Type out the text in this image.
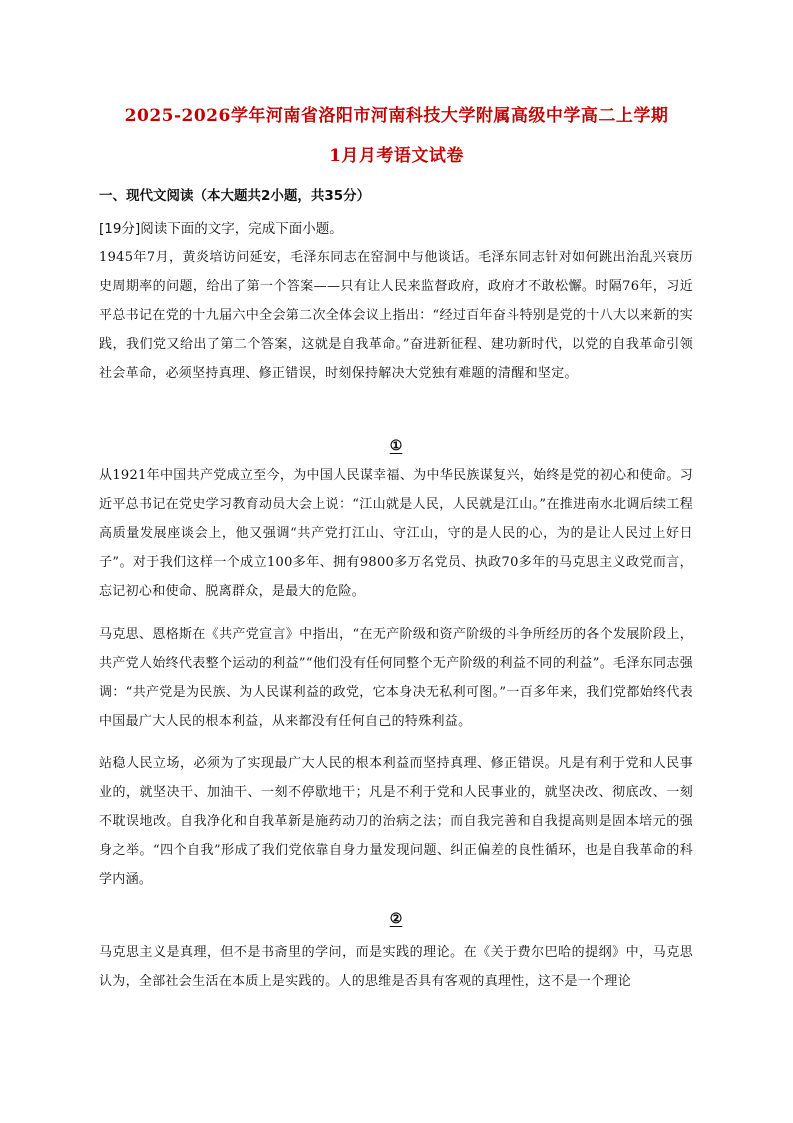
2025-2026学年河南省洛阳市河南科技大学附属高级中学高二上学期
1月月考语文试卷
一、现代文阅读（本大题共2小题，共35分）
[19分]阅读下面的文字，完成下面小题。
1945年7月，黄炎培访问延安，毛泽东同志在窑洞中与他谈话。毛泽东同志针对如何跳出治乱兴衰历史周期率的问题，给出了第一个答案——只有让人民来监督政府，政府才不敢松懈。时隔76年，习近平总书记在党的十九届六中全会第二次全体会议上指出：“经过百年奋斗特别是党的十八大以来新的实践，我们党又给出了第二个答案，这就是自我革命。”奋进新征程、建功新时代，以党的自我革命引领社会革命，必须坚持真理、修正错误，时刻保持解决大党独有难题的清醒和坚定。
①
从1921年中国共产党成立至今，为中国人民谋幸福、为中华民族谋复兴，始终是党的初心和使命。习近平总书记在党史学习教育动员大会上说：“江山就是人民，人民就是江山。”在推进南水北调后续工程高质量发展座谈会上，他又强调“共产党打江山、守江山，守的是人民的心，为的是让人民过上好日子”。对于我们这样一个成立100多年、拥有9800多万名党员、执政70多年的马克思主义政党而言，忘记初心和使命、脱离群众，是最大的危险。
马克思、恩格斯在《共产党宣言》中指出，“在无产阶级和资产阶级的斗争所经历的各个发展阶段上，共产党人始终代表整个运动的利益”“他们没有任何同整个无产阶级的利益不同的利益”。毛泽东同志强调：“共产党是为民族、为人民谋利益的政党，它本身决无私利可图。”一百多年来，我们党都始终代表中国最广大人民的根本利益，从来都没有任何自己的特殊利益。
站稳人民立场，必须为了实现最广大人民的根本利益而坚持真理、修正错误。凡是有利于党和人民事业的，就坚决干、加油干、一刻不停歇地干；凡是不利于党和人民事业的，就坚决改、彻底改、一刻不耽误地改。自我净化和自我革新是施药动刀的治病之法；而自我完善和自我提高则是固本培元的强身之举。“四个自我”形成了我们党依靠自身力量发现问题、纠正偏差的良性循环，也是自我革命的科学内涵。
②
马克思主义是真理，但不是书斋里的学问，而是实践的理论。在《关于费尔巴哈的提纲》中，马克思认为，全部社会生活在本质上是实践的。人的思维是否具有客观的真理性，这不是一个理论
